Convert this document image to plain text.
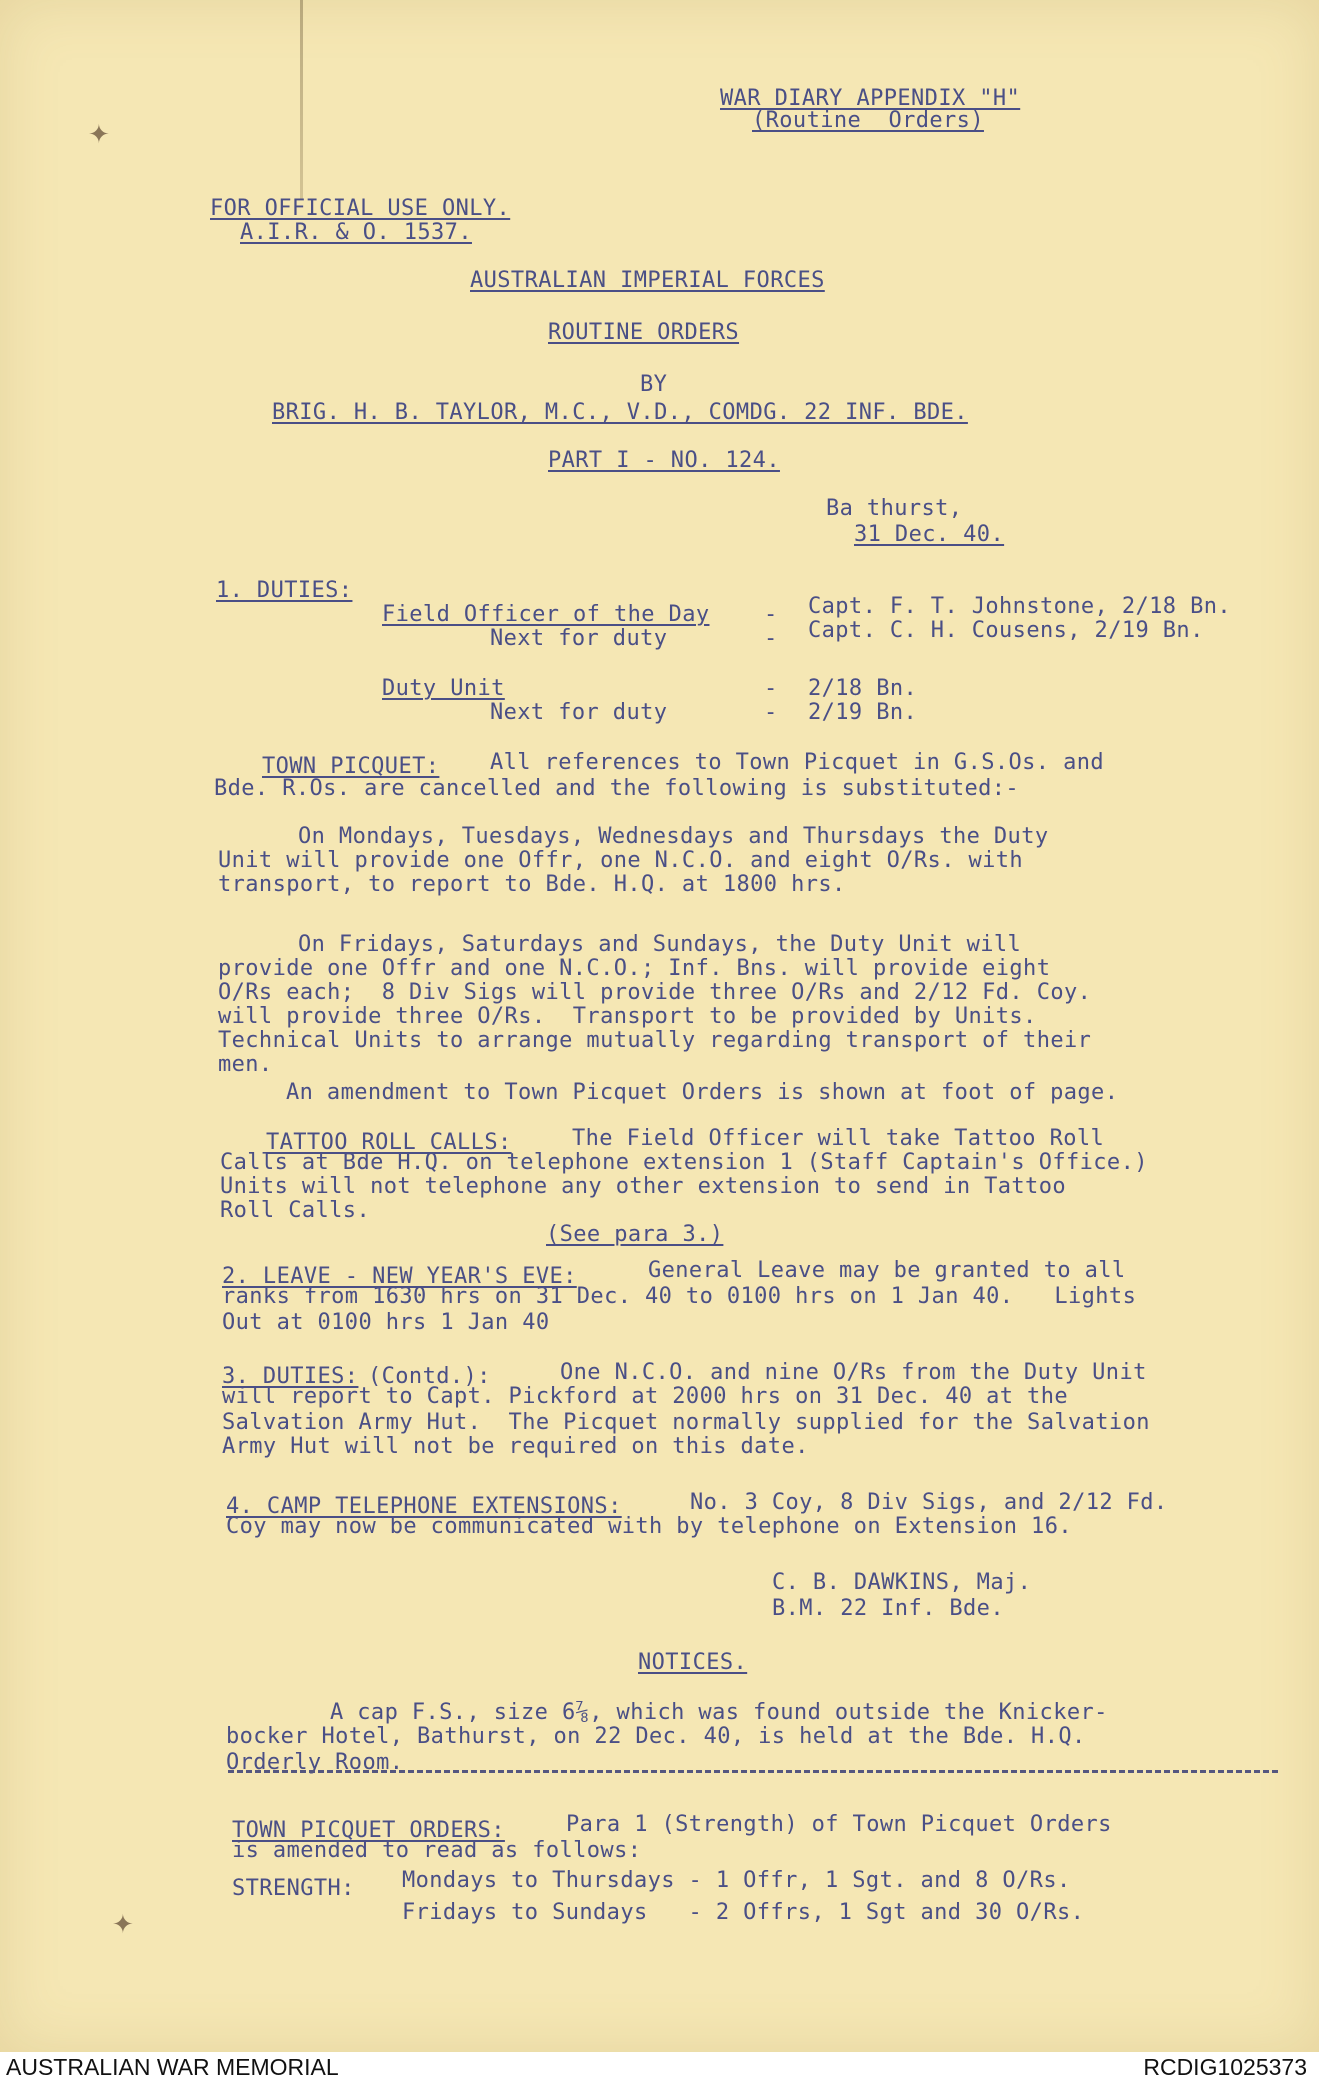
✦
✦
WAR DIARY APPENDIX "H"
(Routine  Orders)
FOR OFFICIAL USE ONLY.
A.I.R. & O. 1537.
AUSTRALIAN IMPERIAL FORCES
ROUTINE ORDERS
BY
BRIG. H. B. TAYLOR, M.C., V.D., COMDG. 22 INF. BDE.
PART I - NO. 124.
Ba thurst,
31 Dec. 40.
1. DUTIES:
Field Officer of the Day - Capt. F. T. Johnstone, 2/18 Bn.
Next for duty	- Capt. C. H. Cousens, 2/19 Bn.
Duty Unit	- 2/18 Bn.
Next for duty	- 2/19 Bn.
TOWN PICQUET: All references to Town Picquet in G.S.Os. and
Bde. R.Os. are cancelled and the following is substituted:-
On Mondays, Tuesdays, Wednesdays and Thursdays the Duty
Unit will provide one Offr, one N.C.O. and eight O/Rs. with
transport, to report to Bde. H.Q. at 1800 hrs.
On Fridays, Saturdays and Sundays, the Duty Unit will
provide one Offr and one N.C.O.; Inf. Bns. will provide eight
O/Rs each;  8 Div Sigs will provide three O/Rs and 2/12 Fd. Coy.
will provide three O/Rs.  Transport to be provided by Units.
Technical Units to arrange mutually regarding transport of their
men.
An amendment to Town Picquet Orders is shown at foot of page.
TATTOO ROLL CALLS:	The Field Officer will take Tattoo Roll
Calls at Bde H.Q. on telephone extension 1 (Staff Captain's Office.)
Units will not telephone any other extension to send in Tattoo
Roll Calls.
(See para 3.)
2. LEAVE - NEW YEAR'S EVE:	General Leave may be granted to all
ranks from 1630 hrs on 31 Dec. 40 to 0100 hrs on 1 Jan 40.   Lights
Out at 0100 hrs 1 Jan 40
3. DUTIES: (Contd.):	One N.C.O. and nine O/Rs from the Duty Unit
will report to Capt. Pickford at 2000 hrs on 31 Dec. 40 at the
Salvation Army Hut.  The Picquet normally supplied for the Salvation
Army Hut will not be required on this date.
4. CAMP TELEPHONE EXTENSIONS:	No. 3 Coy, 8 Div Sigs, and 2/12 Fd.
Coy may now be communicated with by telephone on Extension 16.
C. B. DAWKINS, Maj.
B.M. 22 Inf. Bde.
NOTICES.
A cap F.S., size 6⅞, which was found outside the Knicker-
bocker Hotel, Bathurst, on 22 Dec. 40, is held at the Bde. H.Q.
Orderly Room.
TOWN PICQUET ORDERS:	Para 1 (Strength) of Town Picquet Orders
is amended to read as follows:
STRENGTH: Mondays to Thursdays - 1 Offr, 1 Sgt. and 8 O/Rs.
Fridays to Sundays   - 2 Offrs, 1 Sgt and 30 O/Rs.
AUSTRALIAN WAR MEMORIAL	RCDIG1025373
